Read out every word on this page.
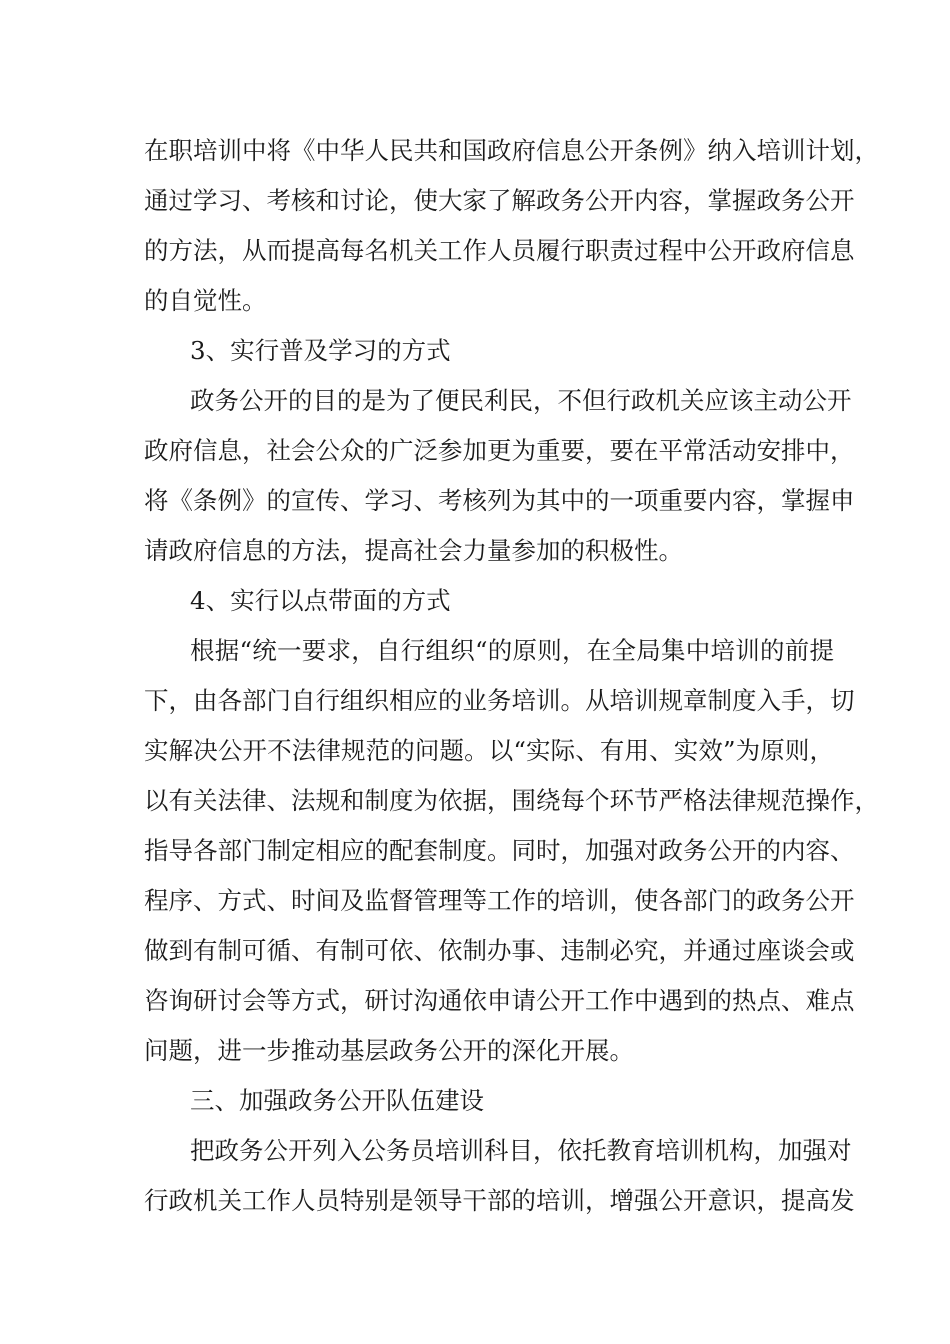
在职培训中将《中华人民共和国政府信息公开条例》纳入培训计划，
通过学习、考核和讨论，使大家了解政务公开内容，掌握政务公开
的方法，从而提高每名机关工作人员履行职责过程中公开政府信息
的自觉性。
3、实行普及学习的方式
政务公开的目的是为了便民利民，不但行政机关应该主动公开
政府信息，社会公众的广泛参加更为重要，要在平常活动安排中，
将《条例》的宣传、学习、考核列为其中的一项重要内容，掌握申
请政府信息的方法，提高社会力量参加的积极性。
4、实行以点带面的方式
根据“统一要求，自行组织“的原则，在全局集中培训的前提
下，由各部门自行组织相应的业务培训。从培训规章制度入手，切
实解决公开不法律规范的问题。以“实际、有用、实效”为原则，
以有关法律、法规和制度为依据，围绕每个环节严格法律规范操作，
指导各部门制定相应的配套制度。同时，加强对政务公开的内容、
程序、方式、时间及监督管理等工作的培训，使各部门的政务公开
做到有制可循、有制可依、依制办事、违制必究，并通过座谈会或
咨询研讨会等方式，研讨沟通依申请公开工作中遇到的热点、难点
问题，进一步推动基层政务公开的深化开展。
三、加强政务公开队伍建设
把政务公开列入公务员培训科目，依托教育培训机构，加强对
行政机关工作人员特别是领导干部的培训，增强公开意识，提高发
